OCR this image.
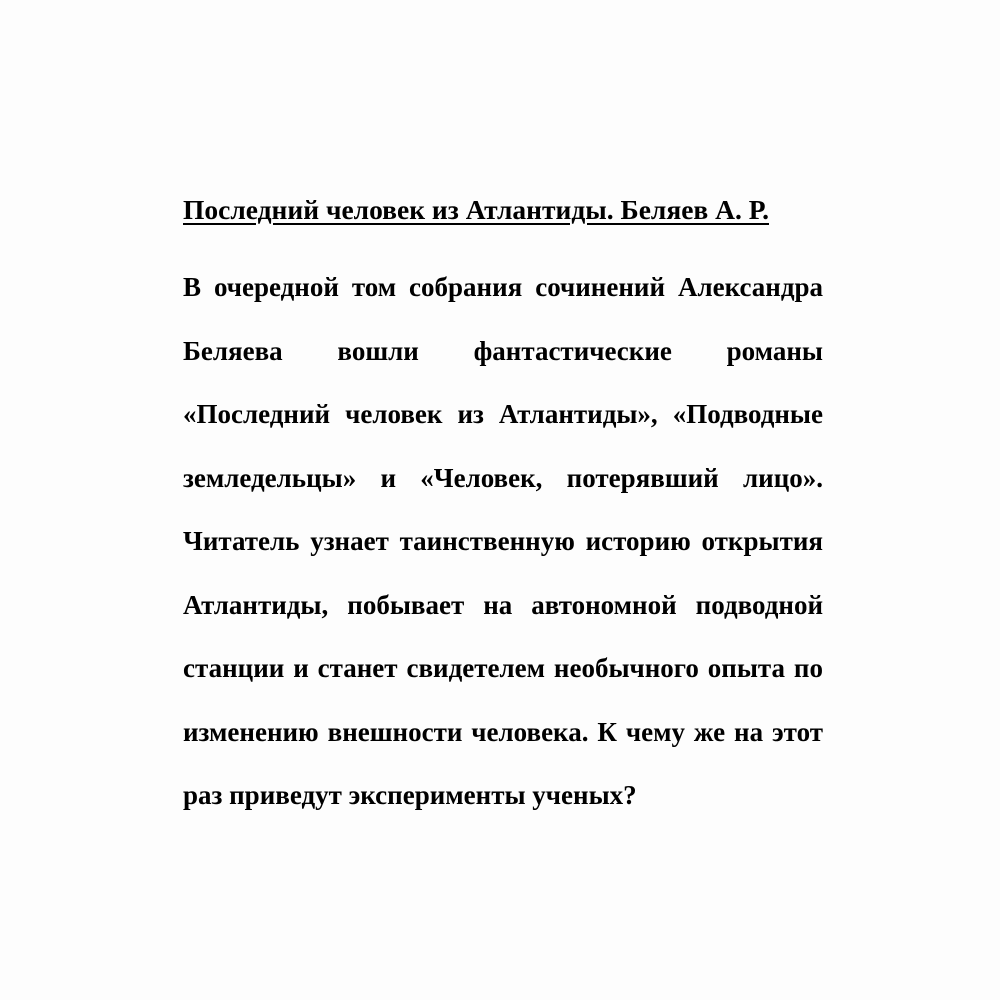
Последний человек из Атлантиды. Беляев А. Р.
В очередной том собрания сочинений Александра
Беляева вошли фантастические романы
«Последний человек из Атлантиды», «Подводные
земледельцы» и «Человек, потерявший лицо».
Читатель узнает таинственную историю открытия
Атлантиды, побывает на автономной подводной
станции и станет свидетелем необычного опыта по
изменению внешности человека. К чему же на этот
раз приведут эксперименты ученых?
